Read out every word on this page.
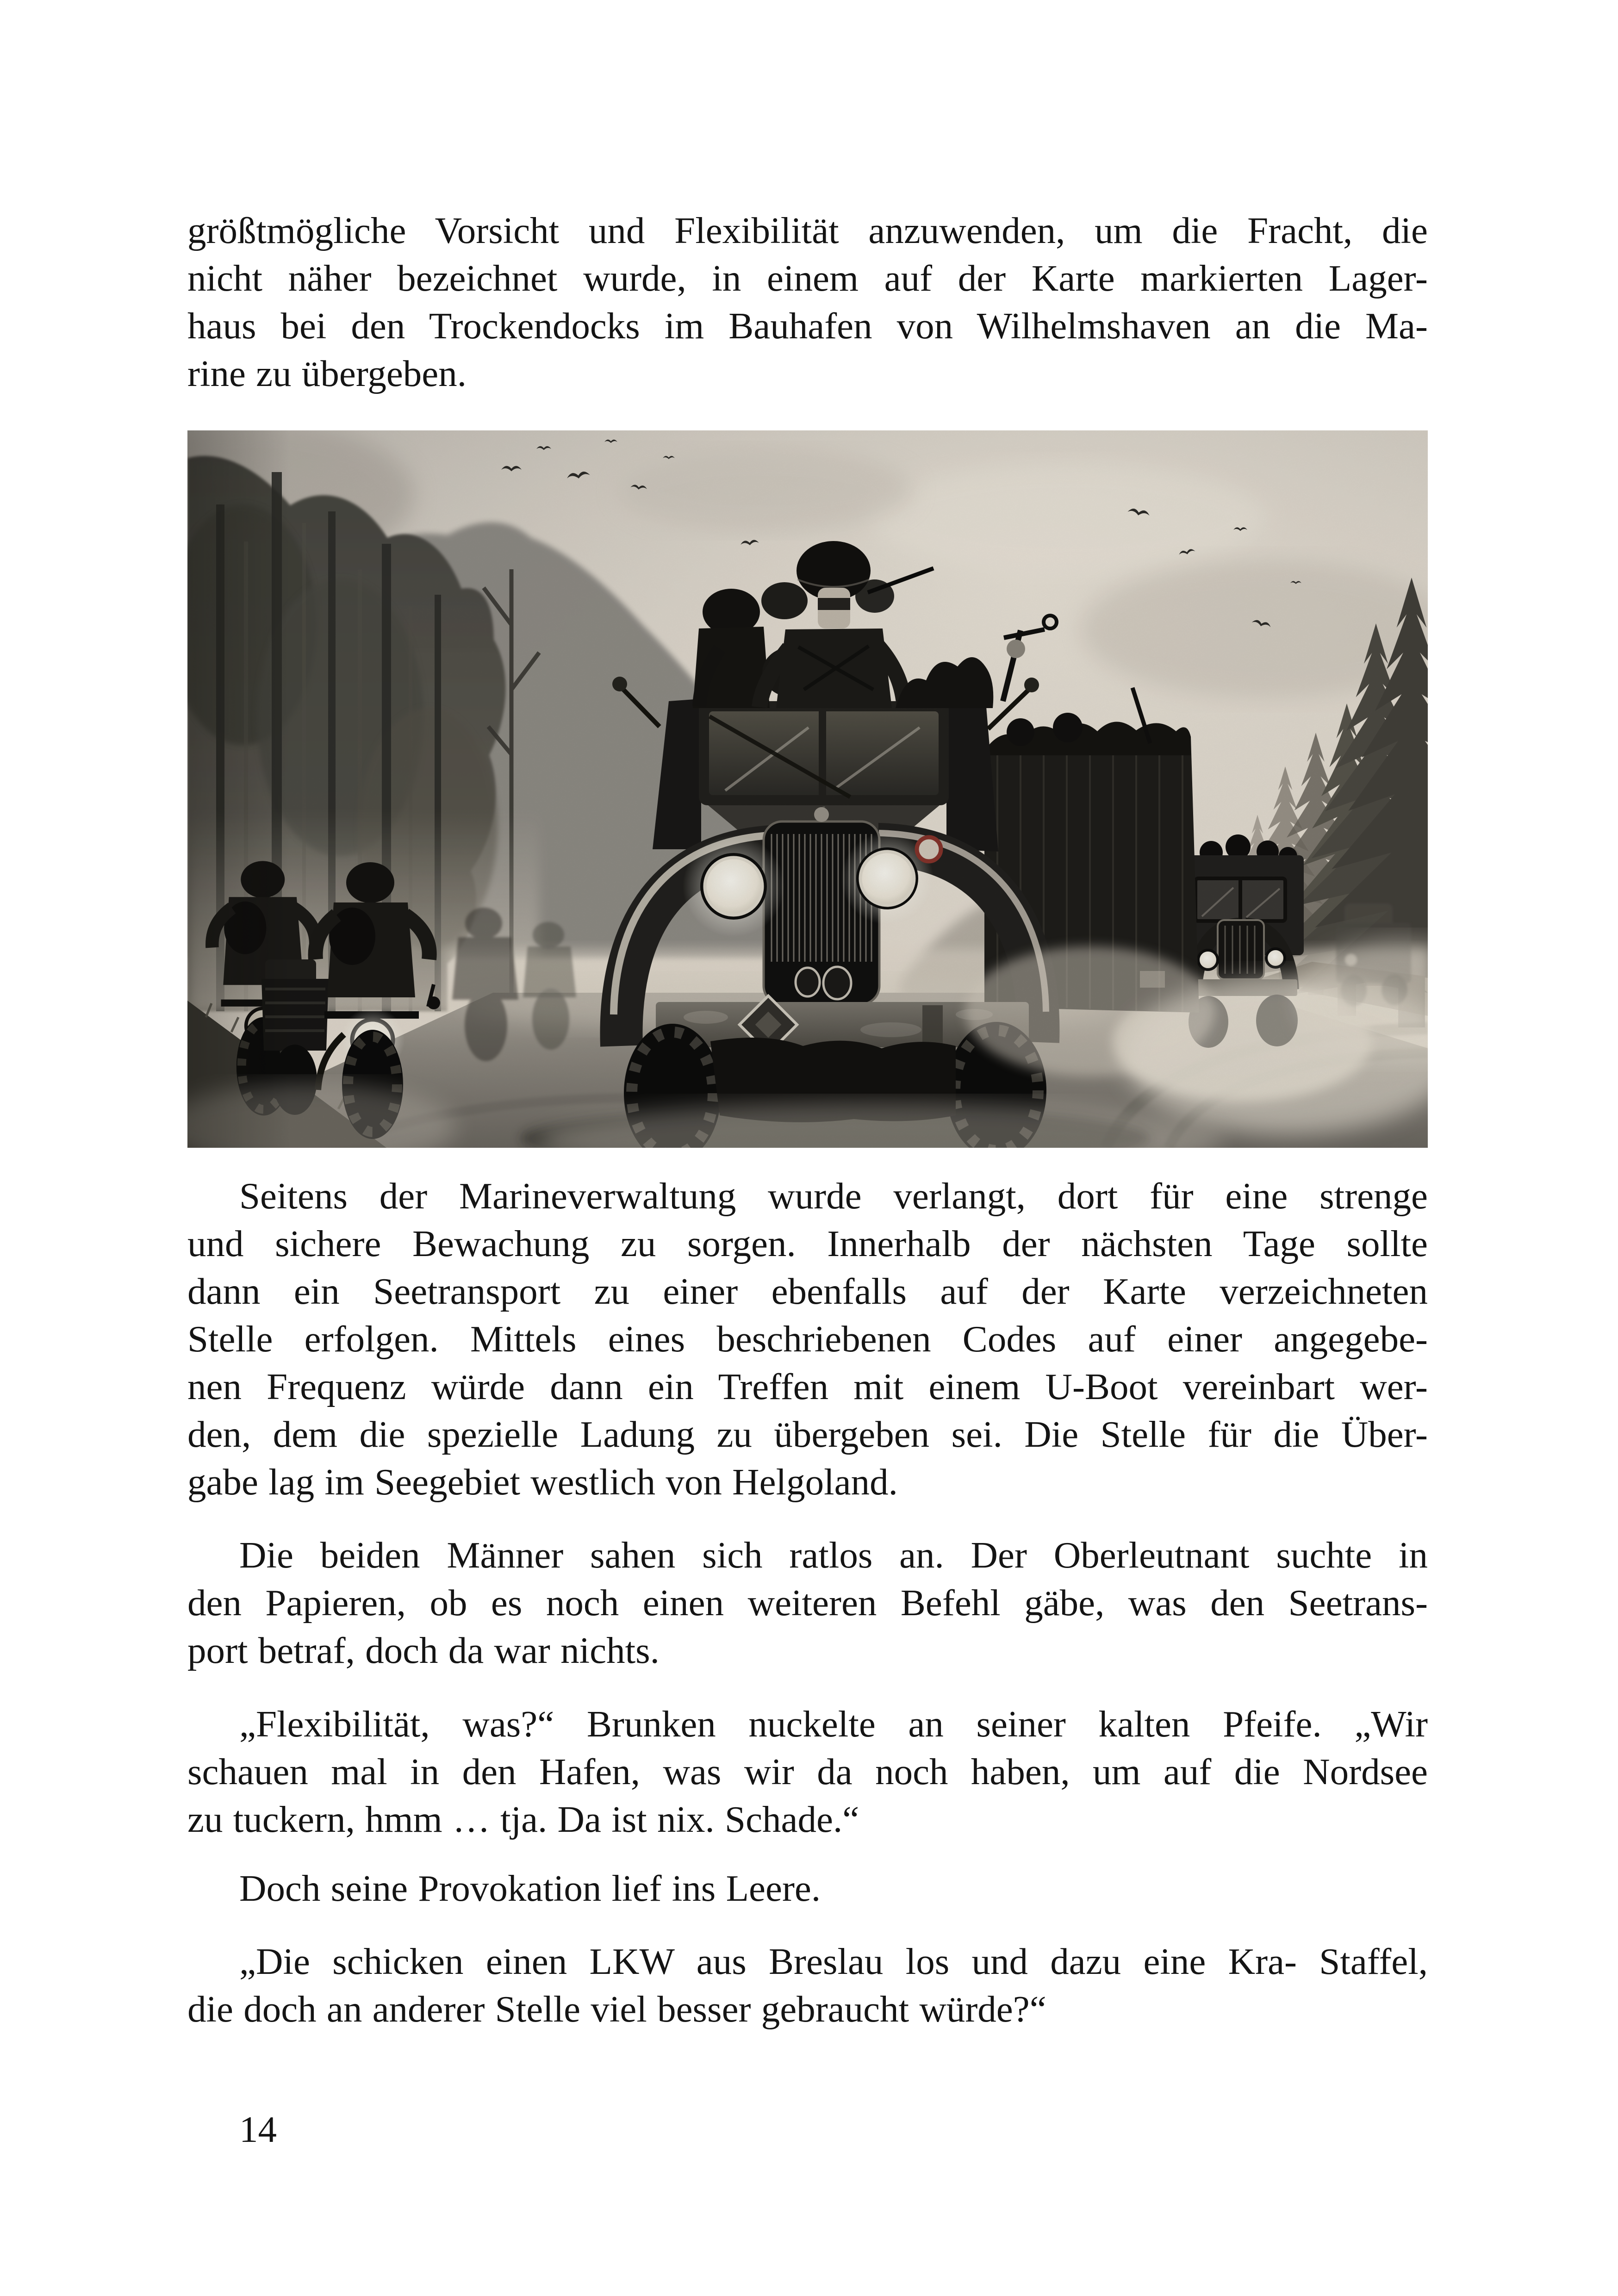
größtmögliche Vorsicht und Flexibilität anzuwenden, um die Fracht, die
nicht näher bezeichnet wurde, in einem auf der Karte markierten Lager-
haus bei den Trockendocks im Bauhafen von Wilhelmshaven an die Ma-
rine zu übergeben.
Seitens der Marineverwaltung wurde verlangt, dort für eine strenge
und sichere Bewachung zu sorgen. Innerhalb der nächsten Tage sollte
dann ein Seetransport zu einer ebenfalls auf der Karte verzeichneten
Stelle erfolgen. Mittels eines beschriebenen Codes auf einer angegebe-
nen Frequenz würde dann ein Treffen mit einem U-Boot vereinbart wer-
den, dem die spezielle Ladung zu übergeben sei. Die Stelle für die Über-
gabe lag im Seegebiet westlich von Helgoland.
Die beiden Männer sahen sich ratlos an. Der Oberleutnant suchte in
den Papieren, ob es noch einen weiteren Befehl gäbe, was den Seetrans-
port betraf, doch da war nichts.
„Flexibilität, was?“ Brunken nuckelte an seiner kalten Pfeife. „Wir
schauen mal in den Hafen, was wir da noch haben, um auf die Nordsee
zu tuckern, hmm … tja. Da ist nix. Schade.“
Doch seine Provokation lief ins Leere.
„Die schicken einen LKW aus Breslau los und dazu eine Kra- Staffel,
die doch an anderer Stelle viel besser gebraucht würde?“
14
